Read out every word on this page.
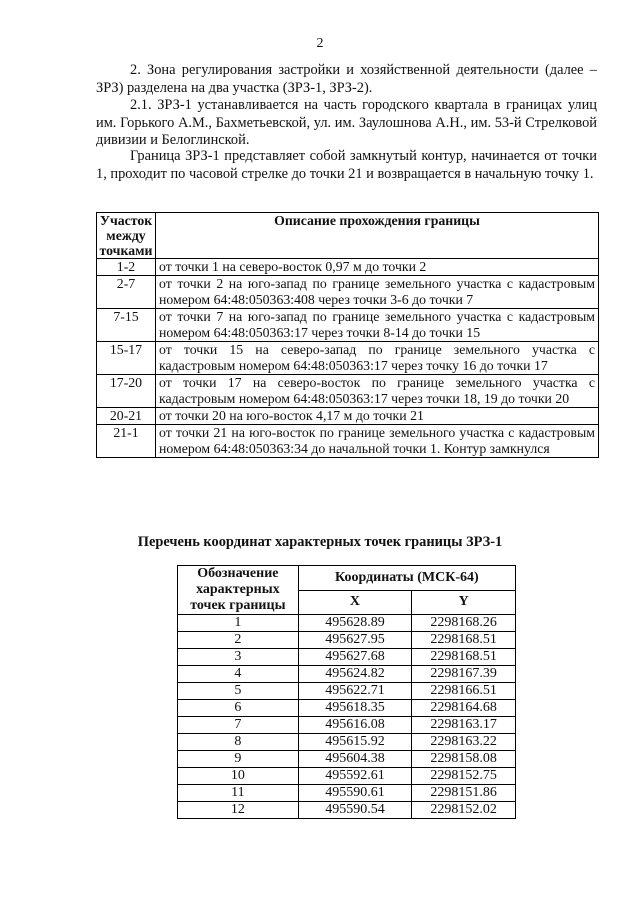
2

2. Зона регулирования застройки и хозяйственной деятельности (далее – ЗРЗ) разделена на два участка (ЗРЗ-1, ЗРЗ-2).

2.1. ЗРЗ-1 устанавливается на часть городского квартала в границах улиц им. Горького А.М., Бахметьевской, ул. им. Заулошнова А.Н., им. 53-й Стрелковой дивизии и Белоглинской.

Граница ЗРЗ-1 представляет собой замкнутый контур, начинается от точки 1, проходит по часовой стрелке до точки 21 и возвращается в начальную точку 1.

Участок между точками	Описание прохождения границы
1-2	от точки 1 на северо-восток 0,97 м до точки 2
2-7	от точки 2 на юго-запад по границе земельного участка с кадастровым номером 64:48:050363:408 через точки 3-6 до точки 7
7-15	от точки 7 на юго-запад по границе земельного участка с кадастровым номером 64:48:050363:17 через точки 8-14 до точки 15
15-17	от точки 15 на северо-запад по границе земельного участка с кадастровым номером 64:48:050363:17 через точку 16 до точки 17
17-20	от точки 17 на северо-восток по границе земельного участка с кадастровым номером 64:48:050363:17 через точки 18, 19 до точки 20
20-21	от точки 20 на юго-восток 4,17 м до точки 21
21-1	от точки 21 на юго-восток по границе земельного участка с кадастровым номером 64:48:050363:34 до начальной точки 1. Контур замкнулся
Перечень координат характерных точек границы ЗРЗ-1
Обозначение характерных точек границы	Координаты (МСК-64)	
	X	Y
1	495628.89	2298168.26
2	495627.95	2298168.51
3	495627.68	2298168.51
4	495624.82	2298167.39
5	495622.71	2298166.51
6	495618.35	2298164.68
7	495616.08	2298163.17
8	495615.92	2298163.22
9	495604.38	2298158.08
10	495592.61	2298152.75
11	495590.61	2298151.86
12	495590.54	2298152.02
